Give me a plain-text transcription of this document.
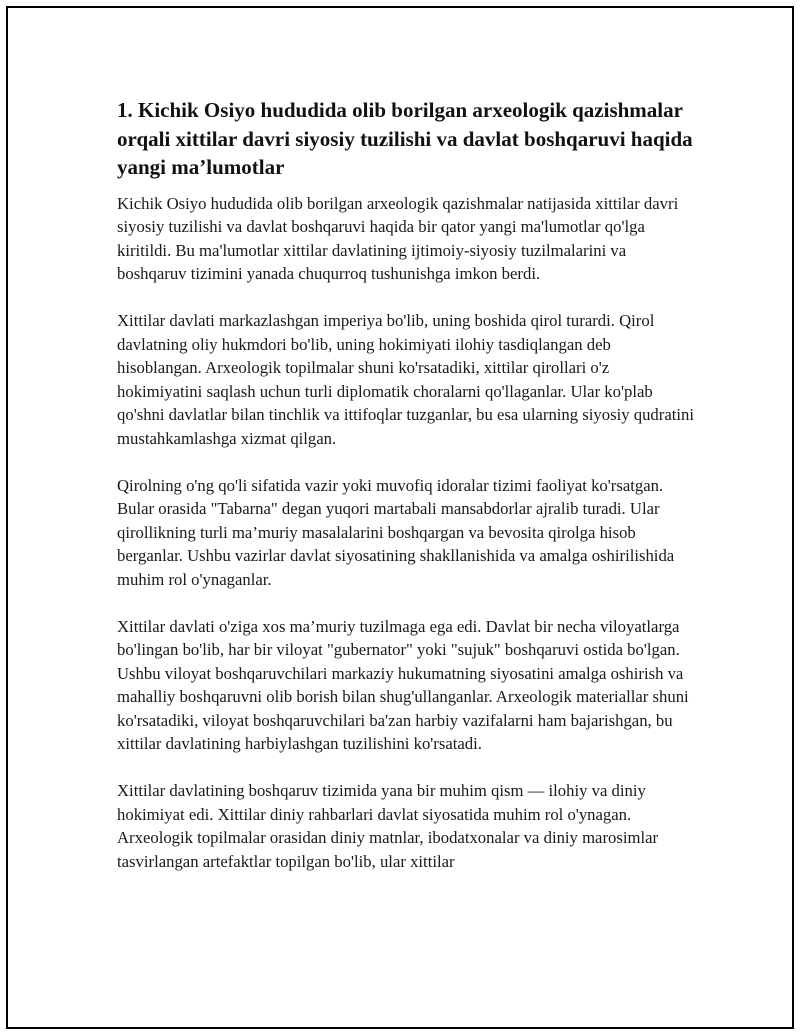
1. Kichik Osiyo hududida olib borilgan arxeologik qazishmalar orqali xittilar davri siyosiy tuzilishi va davlat boshqaruvi haqida yangi ma’lumotlar

Kichik Osiyo hududida olib borilgan arxeologik qazishmalar natijasida xittilar davri siyosiy tuzilishi va davlat boshqaruvi haqida bir qator yangi ma'lumotlar qo'lga kiritildi. Bu ma'lumotlar xittilar davlatining ijtimoiy-siyosiy tuzilmalarini va boshqaruv tizimini yanada chuqurroq tushunishga imkon berdi.

Xittilar davlati markazlashgan imperiya bo'lib, uning boshida qirol turardi. Qirol davlatning oliy hukmdori bo'lib, uning hokimiyati ilohiy tasdiqlangan deb hisoblangan. Arxeologik topilmalar shuni ko'rsatadiki, xittilar qirollari o'z hokimiyatini saqlash uchun turli diplomatik choralarni qo'llaganlar. Ular ko'plab qo'shni davlatlar bilan tinchlik va ittifoqlar tuzganlar, bu esa ularning siyosiy qudratini mustahkamlashga xizmat qilgan.

Qirolning o'ng qo'li sifatida vazir yoki muvofiq idoralar tizimi faoliyat ko'rsatgan. Bular orasida "Tabarna" degan yuqori martabali mansabdorlar ajralib turadi. Ular qirollikning turli ma’muriy masalalarini boshqargan va bevosita qirolga hisob berganlar. Ushbu vazirlar davlat siyosatining shakllanishida va amalga oshirilishida muhim rol o'ynaganlar.

Xittilar davlati o'ziga xos ma’muriy tuzilmaga ega edi. Davlat bir necha viloyatlarga bo'lingan bo'lib, har bir viloyat "gubernator" yoki "sujuk" boshqaruvi ostida bo'lgan. Ushbu viloyat boshqaruvchilari markaziy hukumatning siyosatini amalga oshirish va mahalliy boshqaruvni olib borish bilan shug'ullanganlar. Arxeologik materiallar shuni ko'rsatadiki, viloyat boshqaruvchilari ba'zan harbiy vazifalarni ham bajarishgan, bu xittilar davlatining harbiylashgan tuzilishini ko'rsatadi.

Xittilar davlatining boshqaruv tizimida yana bir muhim qism — ilohiy va diniy hokimiyat edi. Xittilar diniy rahbarlari davlat siyosatida muhim rol o'ynagan. Arxeologik topilmalar orasidan diniy matnlar, ibodatxonalar va diniy marosimlar tasvirlangan artefaktlar topilgan bo'lib, ular xittilar
